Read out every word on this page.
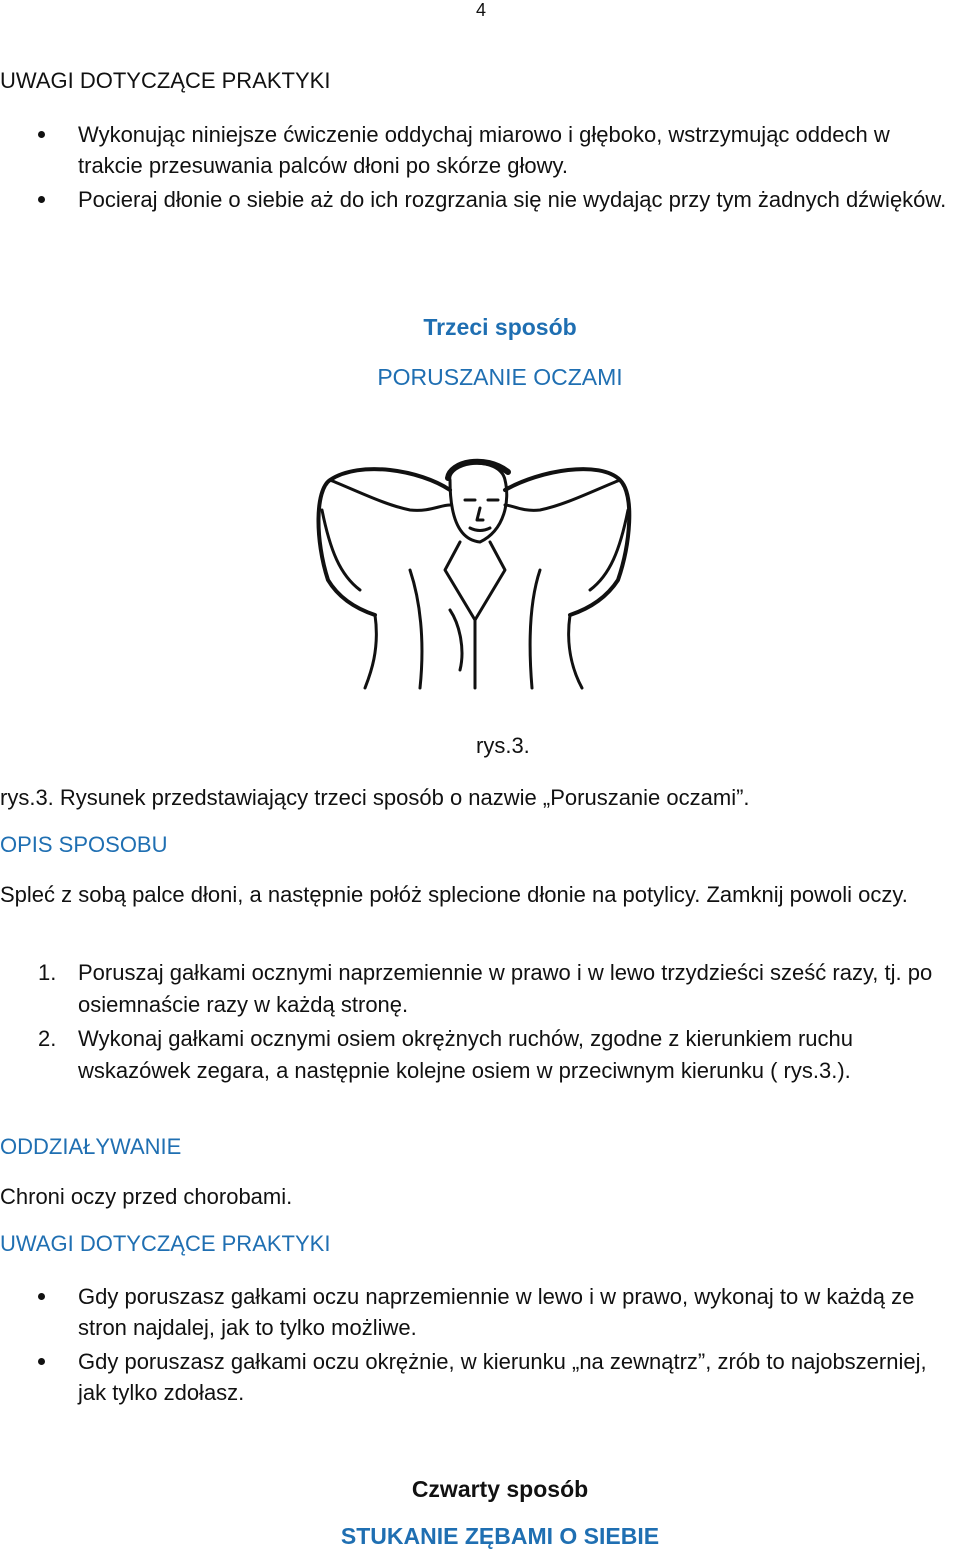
4
UWAGI DOTYCZĄCE PRAKTYKI
Wykonując niniejsze ćwiczenie oddychaj miarowo i głęboko, wstrzymując oddech w trakcie przesuwania palców dłoni po skórze głowy.
Pocieraj dłonie o siebie aż do ich rozgrzania się nie wydając przy tym żadnych dźwięków.
Trzeci sposób
PORUSZANIE OCZAMI
rys.3.
rys.3. Rysunek przedstawiający trzeci sposób o nazwie „Poruszanie oczami”.
OPIS SPOSOBU
Spleć z sobą palce dłoni, a następnie połóż splecione dłonie na potylicy. Zamknij powoli oczy.
1. Poruszaj gałkami ocznymi naprzemiennie w prawo i w lewo trzydzieści sześć razy, tj. po osiemnaście razy w każdą stronę.
2. Wykonaj gałkami ocznymi osiem okrężnych ruchów, zgodne z kierunkiem ruchu wskazówek zegara, a następnie kolejne osiem w przeciwnym kierunku ( rys.3.).
ODDZIAŁYWANIE
Chroni oczy przed chorobami.
UWAGI DOTYCZĄCE PRAKTYKI
Gdy poruszasz gałkami oczu naprzemiennie w lewo i w prawo, wykonaj to w każdą ze stron najdalej, jak to tylko możliwe.
Gdy poruszasz gałkami oczu okrężnie, w kierunku „na zewnątrz”, zrób to najobszerniej, jak tylko zdołasz.
Czwarty sposób
STUKANIE ZĘBAMI O SIEBIE
